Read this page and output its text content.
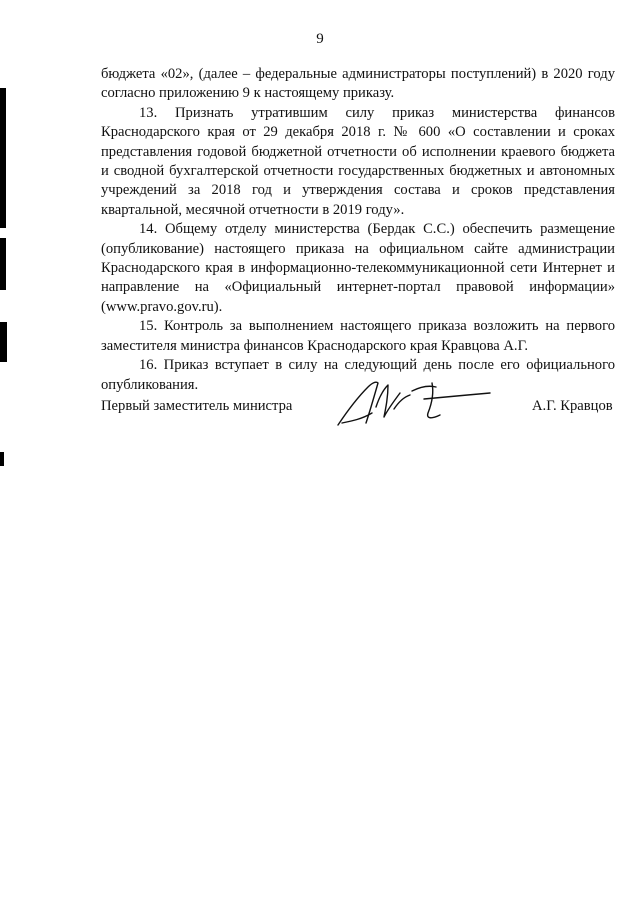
9

бюджета «02», (далее – федеральные администраторы поступлений) в 2020 году согласно приложению 9 к настоящему приказу.

13. Признать утратившим силу приказ министерства финансов Краснодарского края от 29 декабря 2018 г. № 600 «О составлении и сроках представления годовой бюджетной отчетности об исполнении краевого бюджета и сводной бухгалтерской отчетности государственных бюджетных и автономных учреждений за 2018 год и утверждения состава и сроков представления квартальной, месячной отчетности в 2019 году».

14. Общему отделу министерства (Бердак С.С.) обеспечить размещение (опубликование) настоящего приказа на официальном сайте администрации Краснодарского края в информационно-телекоммуникационной сети Интернет и направление на «Официальный интернет-портал правовой информации» (www.pravo.gov.ru).

15. Контроль за выполнением настоящего приказа возложить на первого заместителя министра финансов Краснодарского края Кравцова А.Г.

16. Приказ вступает в силу на следующий день после его официального опубликования.

Первый заместитель министра	А.Г. Кравцов
